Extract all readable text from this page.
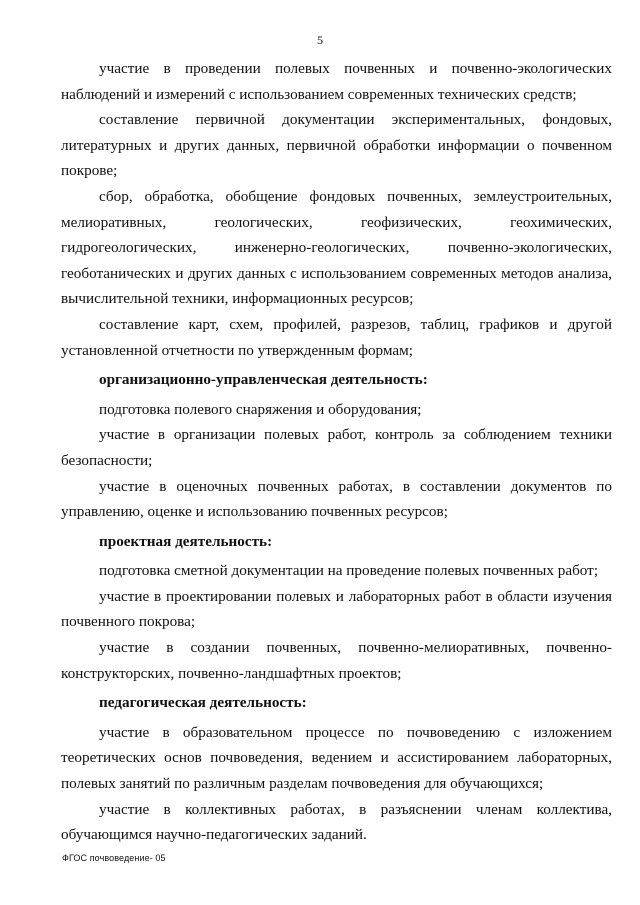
5

участие в проведении полевых почвенных и почвенно-экологических наблюдений и измерений с использованием современных технических средств;

составление первичной документации экспериментальных, фондовых, литературных и других данных, первичной обработки информации о почвенном покрове;

сбор, обработка, обобщение фондовых почвенных, землеустроительных, мелиоративных, геологических, геофизических, геохимических, гидрогеологических, инженерно-геологических, почвенно-экологических, геоботанических и других данных с использованием современных методов анализа, вычислительной техники, информационных ресурсов;

составление карт, схем, профилей, разрезов, таблиц, графиков и другой установленной отчетности по утвержденным формам;

организационно-управленческая деятельность:

подготовка полевого снаряжения и оборудования;

участие в организации полевых работ, контроль за соблюдением техники безопасности;

участие в оценочных почвенных работах, в составлении документов по управлению, оценке и использованию почвенных ресурсов;

проектная деятельность:

подготовка сметной документации на проведение полевых почвенных работ;

участие в проектировании полевых и лабораторных работ в области изучения почвенного покрова;

участие в создании почвенных, почвенно-мелиоративных, почвенно-конструкторских, почвенно-ландшафтных проектов;

педагогическая деятельность:

участие в образовательном процессе по почвоведению с изложением теоретических основ почвоведения, ведением и ассистированием лабораторных, полевых занятий по различным разделам почвоведения для обучающихся;

участие в коллективных работах, в разъяснении членам коллектива, обучающимся научно-педагогических заданий.

ФГОС почвоведение- 05
